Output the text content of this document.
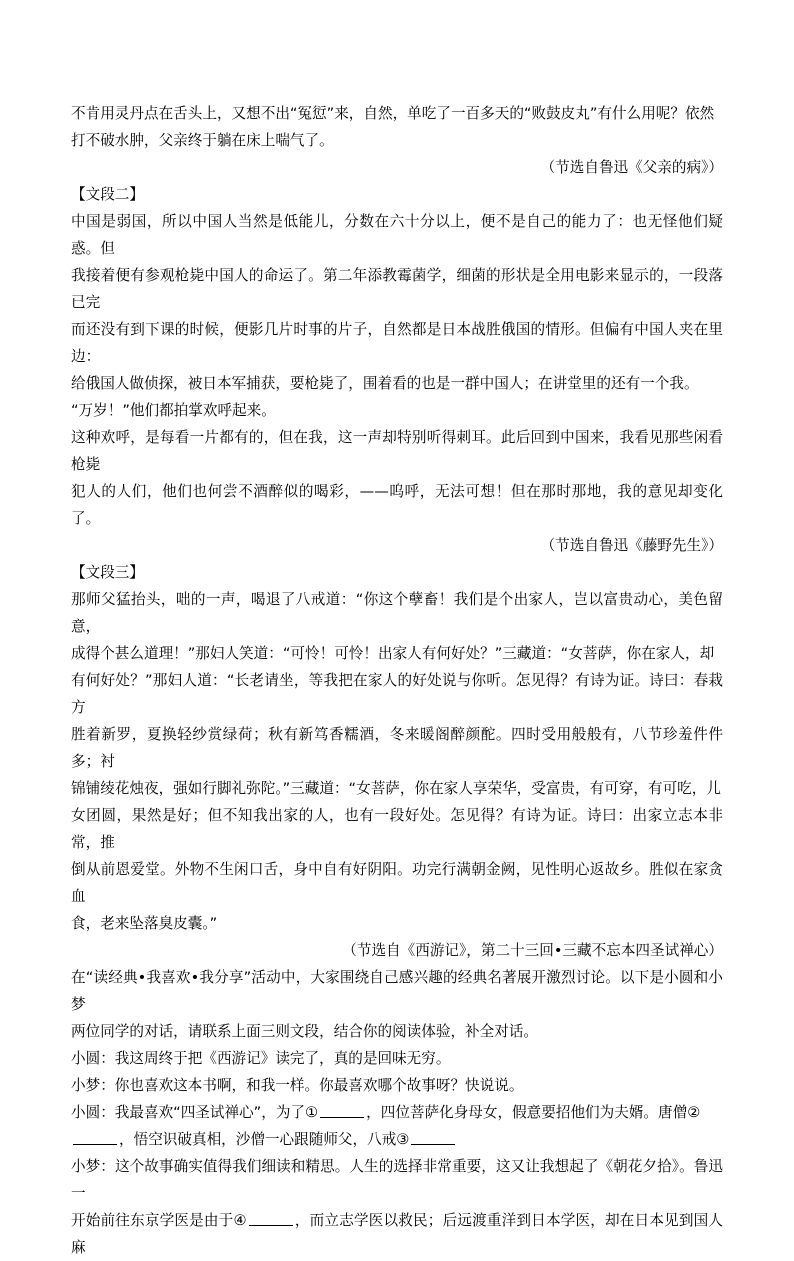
不肯用灵丹点在舌头上，又想不出“冤愆”来，自然，单吃了一百多天的“败鼓皮丸”有什么用呢？依然

打不破水肿，父亲终于躺在床上喘气了。

（节选自鲁迅《父亲的病》）

【文段二】

中国是弱国，所以中国人当然是低能儿，分数在六十分以上，便不是自己的能力了：也无怪他们疑惑。但

我接着便有参观枪毙中国人的命运了。第二年添教霉菌学，细菌的形状是全用电影来显示的，一段落已完

而还没有到下课的时候，便影几片时事的片子，自然都是日本战胜俄国的情形。但偏有中国人夹在里边：

给俄国人做侦探，被日本军捕获，要枪毙了，围着看的也是一群中国人；在讲堂里的还有一个我。

“万岁！”他们都拍掌欢呼起来。

这种欢呼，是每看一片都有的，但在我，这一声却特别听得刺耳。此后回到中国来，我看见那些闲看枪毙

犯人的人们，他们也何尝不酒醉似的喝彩，——呜呼，无法可想！但在那时那地，我的意见却变化了。

（节选自鲁迅《藤野先生》）

【文段三】

那师父猛抬头，咄的一声，喝退了八戒道：“你这个孽畜！我们是个出家人，岂以富贵动心，美色留意，

成得个甚么道理！”那妇人笑道：“可怜！可怜！出家人有何好处？”三藏道：“女菩萨，你在家人，却

有何好处？”那妇人道：“长老请坐，等我把在家人的好处说与你听。怎见得？有诗为证。诗曰：春栽方

胜着新罗，夏换轻纱赏绿荷；秋有新笃香糯酒，冬来暖阁醉颜酡。四时受用般般有，八节珍羞件件多；衬

锦铺绫花烛夜，强如行脚礼弥陀。”三藏道：“女菩萨，你在家人享荣华，受富贵，有可穿，有可吃，儿

女团圆，果然是好；但不知我出家的人，也有一段好处。怎见得？有诗为证。诗曰：出家立志本非常，推

倒从前恩爱堂。外物不生闲口舌，身中自有好阴阳。功完行满朝金阙，见性明心返故乡。胜似在家贪血

食，老来坠落臭皮囊。”

（节选自《西游记》，第二十三回•三藏不忘本四圣试禅心）

在“读经典•我喜欢•我分享”活动中，大家围绕自己感兴趣的经典名著展开激烈讨论。以下是小圆和小梦

两位同学的对话，请联系上面三则文段，结合你的阅读体验，补全对话。

小圆：我这周终于把《西游记》读完了，真的是回味无穷。

小梦：你也喜欢这本书啊，和我一样。你最喜欢哪个故事呀？快说说。

小圆：我最喜欢“四圣试禅心”，为了①	，四位菩萨化身母女，假意要招他们为夫婿。唐僧②

，悟空识破真相，沙僧一心跟随师父，八戒③

小梦：这个故事确实值得我们细读和精思。人生的选择非常重要，这又让我想起了《朝花夕拾》。鲁迅一

开始前往东京学医是由于④	，而立志学医以救民；后远渡重洋到日本学医，却在日本见到国人麻
